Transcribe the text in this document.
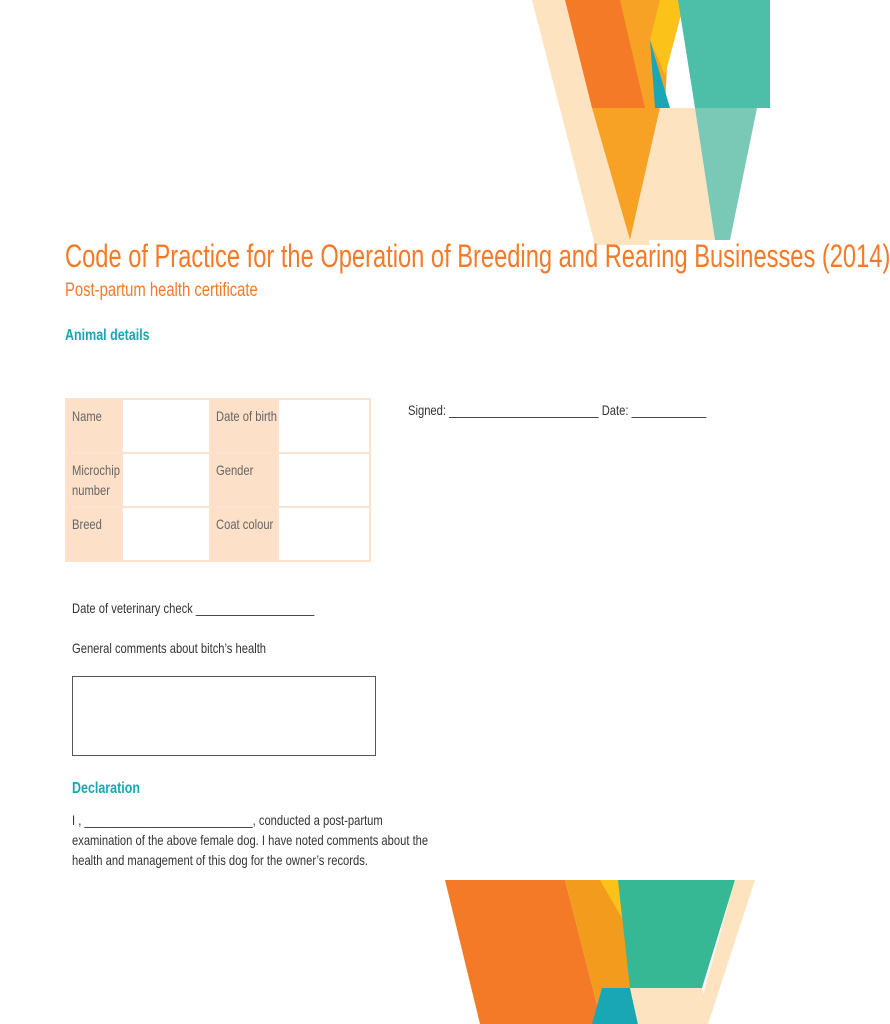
Code of Practice for the Operation of Breeding and Rearing Businesses (2014)
Post-partum health certificate
Animal details
Name		Date of birth	
Microchip
number		Gender	
Breed		Coat colour	
Signed: ________________________ Date: ____________
Date of veterinary check ___________________
General comments about bitch’s health
Declaration
I , ___________________________, conducted a post-partum
examination of the above female dog. I have noted comments about the
health and management of this dog for the owner’s records.
